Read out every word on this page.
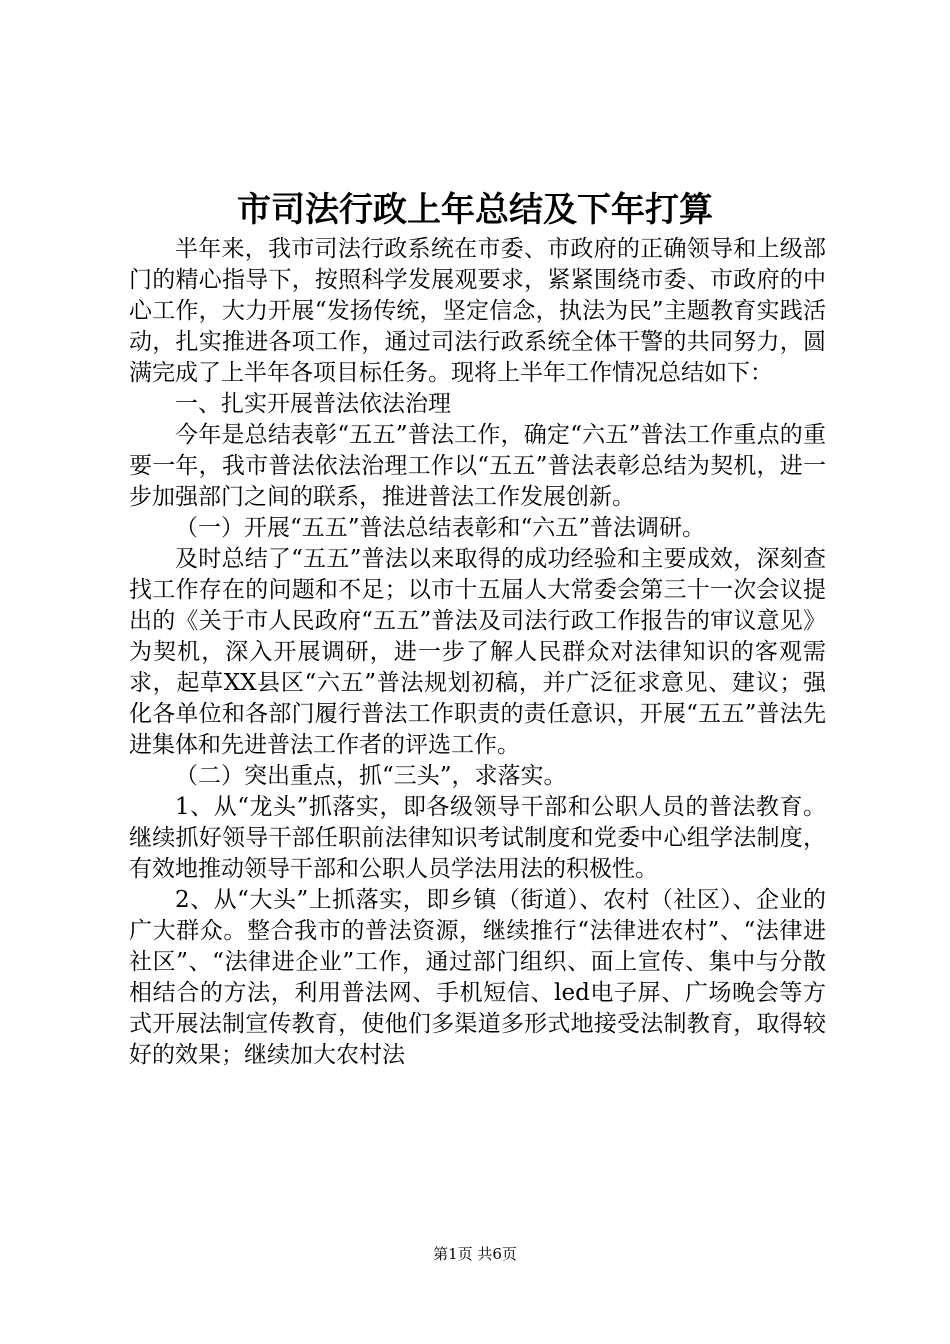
市司法行政上年总结及下年打算

半年来，我市司法行政系统在市委、市政府的正确领导和上级部门的精心指导下，按照科学发展观要求，紧紧围绕市委、市政府的中心工作，大力开展“发扬传统，坚定信念，执法为民”主题教育实践活动，扎实推进各项工作，通过司法行政系统全体干警的共同努力，圆满完成了上半年各项目标任务。现将上半年工作情况总结如下：

一、扎实开展普法依法治理

今年是总结表彰“五五”普法工作，确定“六五”普法工作重点的重要一年，我市普法依法治理工作以“五五”普法表彰总结为契机，进一步加强部门之间的联系，推进普法工作发展创新。

（一）开展“五五”普法总结表彰和“六五”普法调研。

及时总结了“五五”普法以来取得的成功经验和主要成效，深刻查找工作存在的问题和不足；以市十五届人大常委会第三十一次会议提出的《关于市人民政府“五五”普法及司法行政工作报告的审议意见》为契机，深入开展调研，进一步了解人民群众对法律知识的客观需求，起草XX县区“六五”普法规划初稿，并广泛征求意见、建议；强化各单位和各部门履行普法工作职责的责任意识，开展“五五”普法先进集体和先进普法工作者的评选工作。

（二）突出重点，抓“三头”，求落实。

1、从“龙头”抓落实，即各级领导干部和公职人员的普法教育。继续抓好领导干部任职前法律知识考试制度和党委中心组学法制度，有效地推动领导干部和公职人员学法用法的积极性。

2、从“大头”上抓落实，即乡镇（街道）、农村（社区）、企业的广大群众。整合我市的普法资源，继续推行“法律进农村”、“法律进社区”、“法律进企业”工作，通过部门组织、面上宣传、集中与分散相结合的方法，利用普法网、手机短信、led电子屏、广场晚会等方式开展法制宣传教育，使他们多渠道多形式地接受法制教育，取得较好的效果；继续加大农村法

第1页 共6页
